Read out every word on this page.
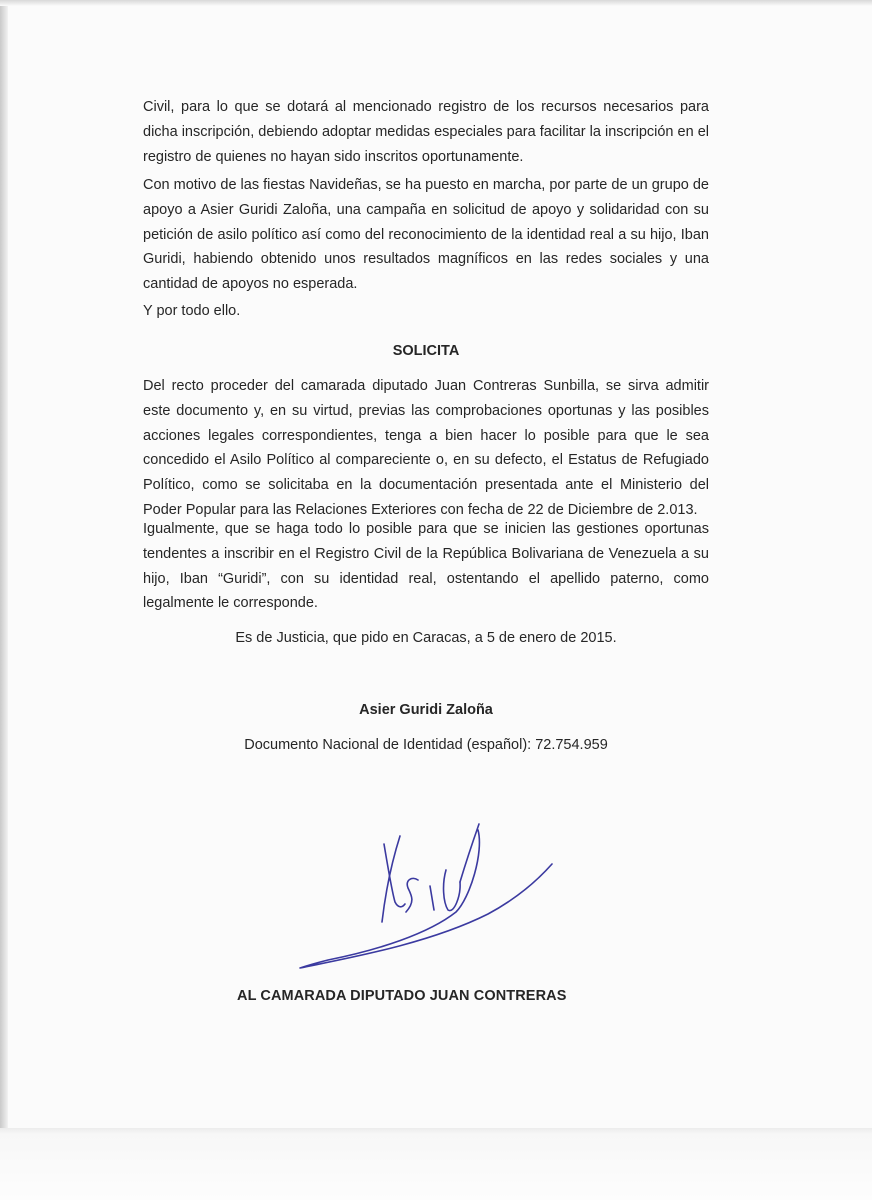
Civil, para lo que se dotará al mencionado registro de los recursos necesarios para dicha inscripción, debiendo adoptar medidas especiales para facilitar la inscripción en el registro de quienes no hayan sido inscritos oportunamente.

Con motivo de las fiestas Navideñas, se ha puesto en marcha, por parte de un grupo de apoyo a Asier Guridi Zaloña, una campaña en solicitud de apoyo y solidaridad con su petición de asilo político así como del reconocimiento de la identidad real a su hijo, Iban Guridi, habiendo obtenido unos resultados magníficos en las redes sociales y una cantidad de apoyos no esperada.

Y por todo ello.

SOLICITA

Del recto proceder del camarada diputado Juan Contreras Sunbilla, se sirva admitir este documento y, en su virtud, previas las comprobaciones oportunas y las posibles acciones legales correspondientes, tenga a bien hacer lo posible para que le sea concedido el Asilo Político al compareciente o, en su defecto, el Estatus de Refugiado Político, como se solicitaba en la documentación presentada ante el Ministerio del Poder Popular para las Relaciones Exteriores con fecha de 22 de Diciembre de 2.013.

Igualmente, que se haga todo lo posible para que se inicien las gestiones oportunas tendentes a inscribir en el Registro Civil de la República Bolivariana de Venezuela a su hijo, Iban “Guridi”, con su identidad real, ostentando el apellido paterno, como legalmente le corresponde.

Es de Justicia, que pido en Caracas, a 5 de enero de 2015.

Asier Guridi Zaloña

Documento Nacional de Identidad (español): 72.754.959

AL CAMARADA DIPUTADO JUAN CONTRERAS
